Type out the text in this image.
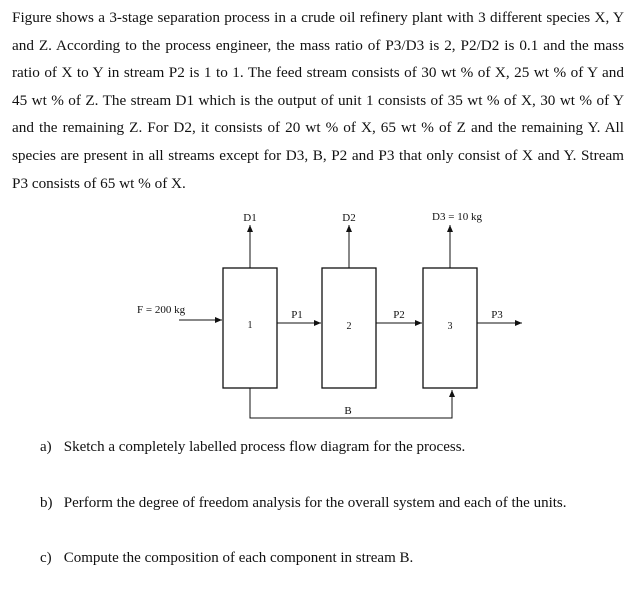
Figure shows a 3-stage separation process in a crude oil refinery plant with 3 different species X, Y and Z. According to the process engineer, the mass ratio of P3/D3 is 2, P2/D2 is 0.1 and the mass ratio of X to Y in stream P2 is 1 to 1. The feed stream consists of 30 wt % of X, 25 wt % of Y and 45 wt % of Z. The stream D1 which is the output of unit 1 consists of 35 wt % of X, 30 wt % of Y and the remaining Z. For D2, it consists of 20 wt % of X, 65 wt % of Z and the remaining Y. All species are present in all streams except for D3, B, P2 and P3 that only consist of X and Y. Stream P3 consists of 65 wt % of X.
1	2	3
F = 200 kg
D1	D2	D3 = 10 kg
P1	P2	P3
B
a) Sketch a completely labelled process flow diagram for the process.
b) Perform the degree of freedom analysis for the overall system and each of the units.
c) Compute the composition of each component in stream B.
